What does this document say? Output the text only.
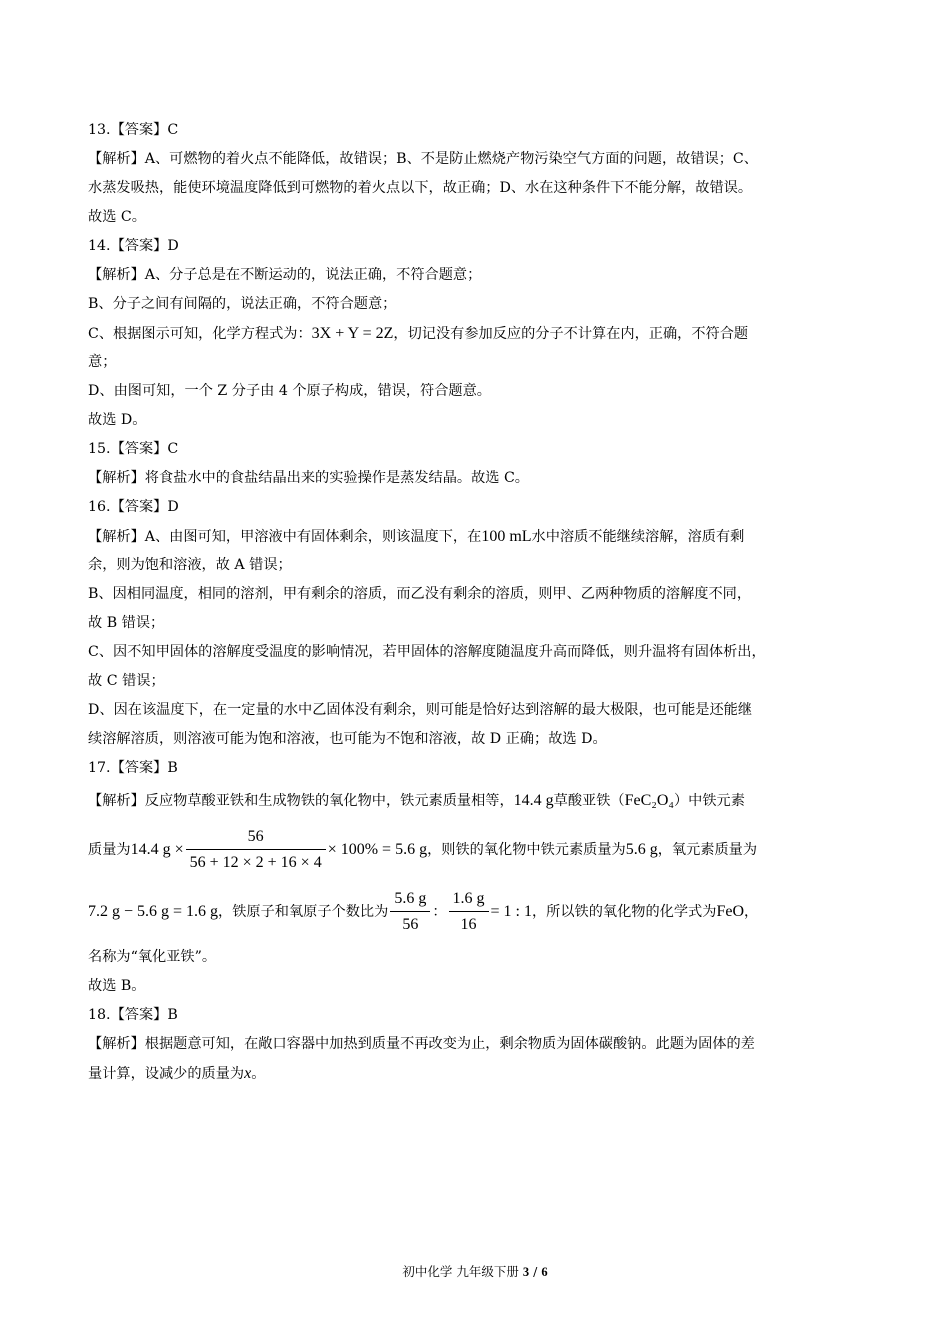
13.【答案】C
【解析】A、可燃物的着火点不能降低，故错误；B、不是防止燃烧产物污染空气方面的问题，故错误；C、
水蒸发吸热，能使环境温度降低到可燃物的着火点以下，故正确；D、水在这种条件下不能分解，故错误。
故选 C。
14.【答案】D
【解析】A、分子总是在不断运动的，说法正确，不符合题意；
B、分子之间有间隔的，说法正确，不符合题意；
C、根据图示可知，化学方程式为：3X + Y = 2Z，切记没有参加反应的分子不计算在内，正确，不符合题
意；
D、由图可知，一个 Z 分子由 4 个原子构成，错误，符合题意。
故选 D。
15.【答案】C
【解析】将食盐水中的食盐结晶出来的实验操作是蒸发结晶。故选 C。
16.【答案】D
【解析】A、由图可知，甲溶液中有固体剩余，则该温度下，在100 mL水中溶质不能继续溶解，溶质有剩
余，则为饱和溶液，故 A 错误；
B、因相同温度，相同的溶剂，甲有剩余的溶质，而乙没有剩余的溶质，则甲、乙两种物质的溶解度不同，
故 B 错误；
C、因不知甲固体的溶解度受温度的影响情况，若甲固体的溶解度随温度升高而降低，则升温将有固体析出，
故 C 错误；
D、因在该温度下，在一定量的水中乙固体没有剩余，则可能是恰好达到溶解的最大极限，也可能是还能继
续溶解溶质，则溶液可能为饱和溶液，也可能为不饱和溶液，故 D 正确；故选 D。
17.【答案】B
【解析】反应物草酸亚铁和生成物铁的氧化物中，铁元素质量相等，14.4 g草酸亚铁（FeC₂O₄）中铁元素
质量为14.4 $g \times \frac{56}{56 + 12 \times 2 + 16 \times 4} \times 100\% = 5.6$ g，则铁的氧化物中铁元素质量为5.6 g，氧元素质量为
7.2 g − 5.6 g = 1.6 g，铁原子和氧原子个数比为 $\frac{5.6 g}{56}$ ： $\frac{1.6 g}{16} = 1$ : 1，所以铁的氧化物的化学式为FeO，
名称为“氧化亚铁”。
故选 B。
18.【答案】B
【解析】根据题意可知，在敞口容器中加热到质量不再改变为止，剩余物质为固体碳酸钠。此题为固体的差
量计算，设减少的质量为x。
初中化学 九年级下册 3 / 6
